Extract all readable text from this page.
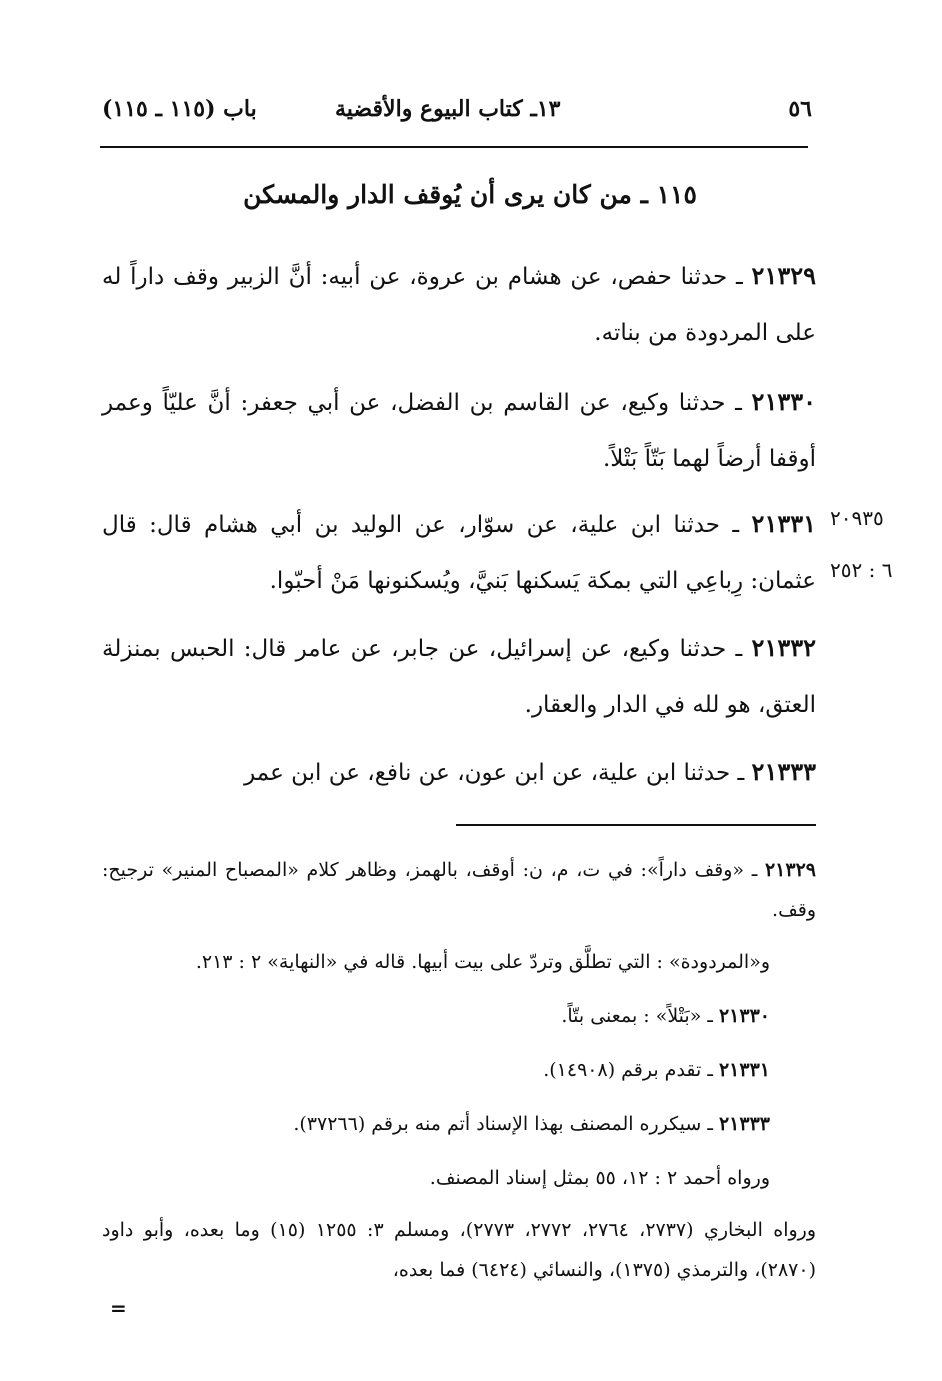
٥٦
١٣ـ كتاب البيوع والأقضية
باب (١١٥ ـ ١١٥)
١١٥ ـ من كان يرى أن يُوقف الدار والمسكن
٢١٣٢٩ ـ حدثنا حفص، عن هشام بن عروة، عن أبيه: أنَّ الزبير وقف داراً له على المردودة من بناته.
٢١٣٣٠ ـ حدثنا وكيع، عن القاسم بن الفضل، عن أبي جعفر: أنَّ عليّاً وعمر أوقفا أرضاً لهما بَتّاً بَتْلاً.
٢١٣٣١ ـ حدثنا ابن علية، عن سوّار، عن الوليد بن أبي هشام قال: قال عثمان: رِباعِي التي بمكة يَسكنها بَنيَّ، ويُسكنونها مَنْ أحبّوا.
٢١٣٣٢ ـ حدثنا وكيع، عن إسرائيل، عن جابر، عن عامر قال: الحبس بمنزلة العتق، هو لله في الدار والعقار.
٢١٣٣٣ ـ حدثنا ابن علية، عن ابن عون، عن نافع، عن ابن عمر
٢٠٩٣٥
٦ : ٢٥٢
٢١٣٢٩ ـ «وقف داراً»: في ت، م، ن: أوقف، بالهمز، وظاهر كلام «المصباح المنير» ترجيح: وقف.
و«المردودة» : التي تطلَّق وتردّ على بيت أبيها. قاله في «النهاية» ٢ : ٢١٣.
٢١٣٣٠ ـ «بَتْلاً» : بمعنى بتّاً.
٢١٣٣١ ـ تقدم برقم (١٤٩٠٨).
٢١٣٣٣ ـ سيكرره المصنف بهذا الإسناد أتم منه برقم (٣٧٢٦٦).
ورواه أحمد ٢ : ١٢، ٥٥ بمثل إسناد المصنف.
ورواه البخاري (٢٧٣٧، ٢٧٦٤، ٢٧٧٢، ٢٧٧٣)، ومسلم ٣: ١٢٥٥ (١٥) وما بعده، وأبو داود (٢٨٧٠)، والترمذي (١٣٧٥)، والنسائي (٦٤٢٤) فما بعده،
=
